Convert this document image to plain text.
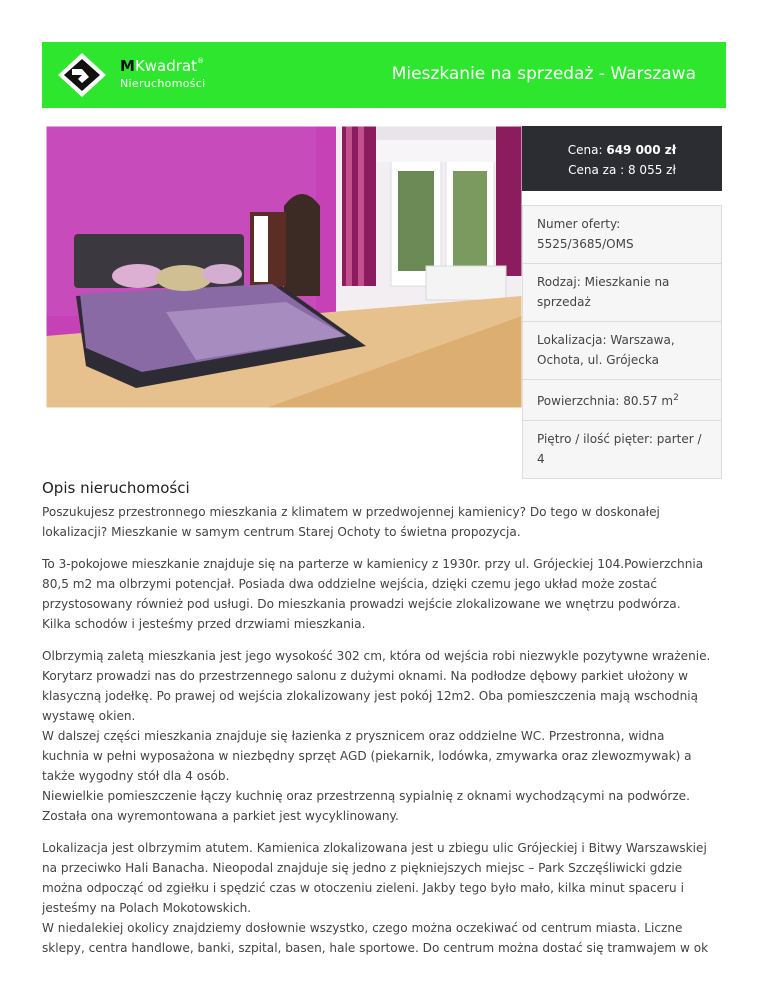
MKwadrat®
Nieruchomości	Mieszkanie na sprzedaż - Warszawa
Cena: 649 000 zł
Cena za : 8 055 zł
Numer oferty: 5525/3685/OMS
Rodzaj: Mieszkanie na sprzedaż
Lokalizacja: Warszawa, Ochota, ul. Grójecka
Powierzchnia: 80.57 $m^2$
Piętro / ilość pięter: parter / 4
Opis nieruchomości

Poszukujesz przestronnego mieszkania z klimatem w przedwojennej kamienicy? Do tego w doskonałej
lokalizacji? Mieszkanie w samym centrum Starej Ochoty to świetna propozycja.

To 3-pokojowe mieszkanie znajduje się na parterze w kamienicy z 1930r. przy ul. Grójeckiej 104.Powierzchnia
80,5 m2 ma olbrzymi potencjał. Posiada dwa oddzielne wejścia, dzięki czemu jego układ może zostać
przystosowany również pod usługi. Do mieszkania prowadzi wejście zlokalizowane we wnętrzu podwórza.
Kilka schodów i jesteśmy przed drzwiami mieszkania.

Olbrzymią zaletą mieszkania jest jego wysokość 302 cm, która od wejścia robi niezwykle pozytywne wrażenie.
Korytarz prowadzi nas do przestrzennego salonu z dużymi oknami. Na podłodze dębowy parkiet ułożony w
klasyczną jodełkę. Po prawej od wejścia zlokalizowany jest pokój 12m2. Oba pomieszczenia mają wschodnią
wystawę okien.
W dalszej części mieszkania znajduje się łazienka z prysznicem oraz oddzielne WC. Przestronna, widna
kuchnia w pełni wyposażona w niezbędny sprzęt AGD (piekarnik, lodówka, zmywarka oraz zlewozmywak) a
także wygodny stół dla 4 osób.
Niewielkie pomieszczenie łączy kuchnię oraz przestrzenną sypialnię z oknami wychodzącymi na podwórze.
Została ona wyremontowana a parkiet jest wycyklinowany.

Lokalizacja jest olbrzymim atutem. Kamienica zlokalizowana jest u zbiegu ulic Grójeckiej i Bitwy Warszawskiej
na przeciwko Hali Banacha. Nieopodal znajduje się jedno z piękniejszych miejsc – Park Szczęśliwicki gdzie
można odpocząć od zgiełku i spędzić czas w otoczeniu zieleni. Jakby tego było mało, kilka minut spaceru i
jesteśmy na Polach Mokotowskich.
W niedalekiej okolicy znajdziemy dosłownie wszystko, czego można oczekiwać od centrum miasta. Liczne
sklepy, centra handlowe, banki, szpital, basen, hale sportowe. Do centrum można dostać się tramwajem w ok
